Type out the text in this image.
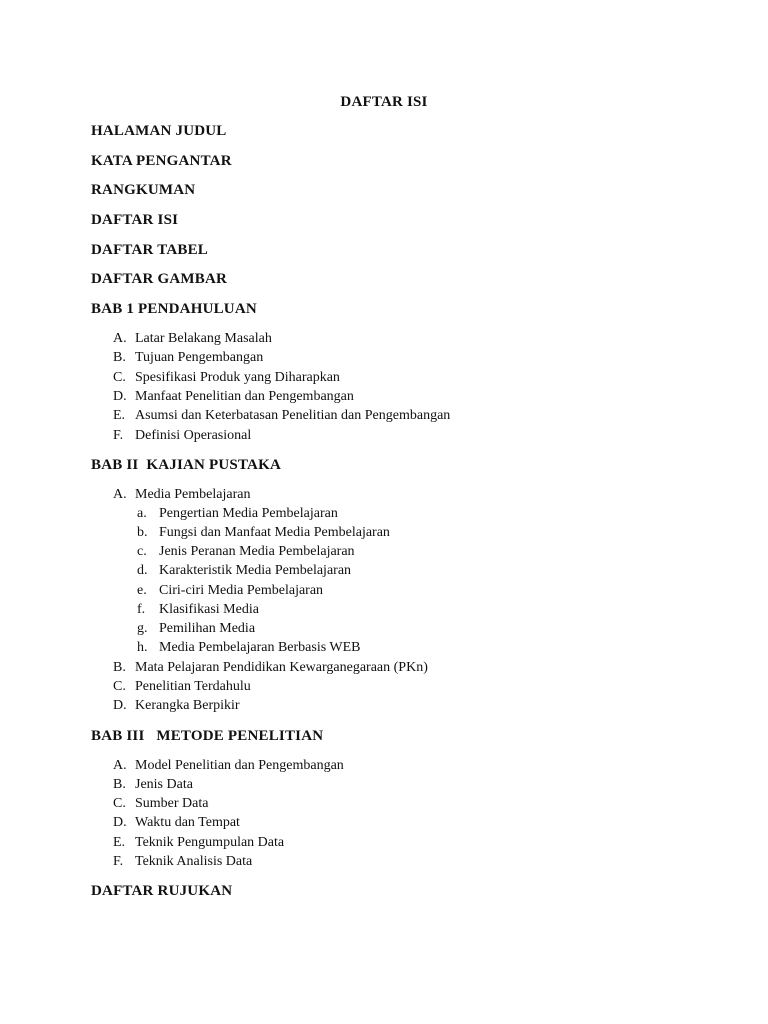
DAFTAR ISI
HALAMAN JUDUL
KATA PENGANTAR
RANGKUMAN
DAFTAR ISI
DAFTAR TABEL
DAFTAR GAMBAR
BAB 1 PENDAHULUAN
A. Latar Belakang Masalah
B. Tujuan Pengembangan
C. Spesifikasi Produk yang Diharapkan
D. Manfaat Penelitian dan Pengembangan
E. Asumsi dan Keterbatasan Penelitian dan Pengembangan
F. Definisi Operasional
BAB II  KAJIAN PUSTAKA
A. Media Pembelajaran
a. Pengertian Media Pembelajaran
b. Fungsi dan Manfaat Media Pembelajaran
c. Jenis Peranan Media Pembelajaran
d. Karakteristik Media Pembelajaran
e. Ciri-ciri Media Pembelajaran
f. Klasifikasi Media
g. Pemilihan Media
h. Media Pembelajaran Berbasis WEB
B. Mata Pelajaran Pendidikan Kewarganegaraan (PKn)
C. Penelitian Terdahulu
D. Kerangka Berpikir
BAB III   METODE PENELITIAN
A. Model Penelitian dan Pengembangan
B. Jenis Data
C. Sumber Data
D. Waktu dan Tempat
E. Teknik Pengumpulan Data
F. Teknik Analisis Data
DAFTAR RUJUKAN
